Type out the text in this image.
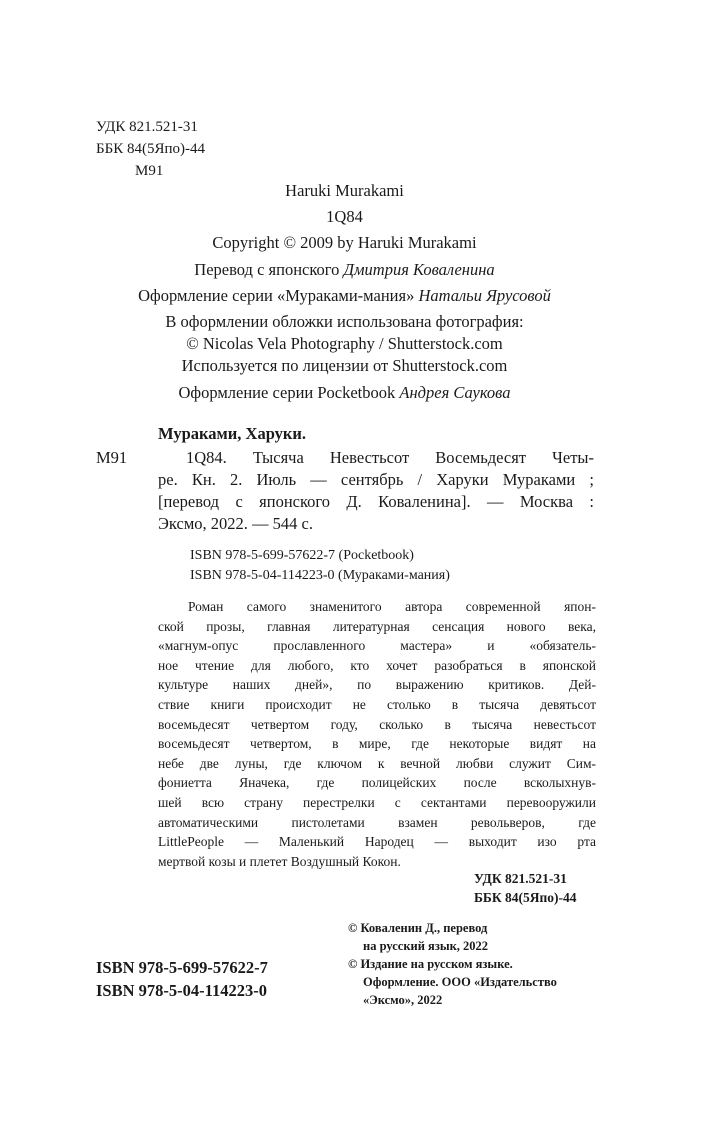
УДК 821.521-31
ББК 84(5Япо)-44
М91
Haruki Murakami
1Q84
Copyright © 2009 by Haruki Murakami
Перевод с японского Дмитрия Коваленина
Оформление серии «Мураками-мания» Натальи Ярусовой
В оформлении обложки использована фотография:
© Nicolas Vela Photography / Shutterstock.com
Используется по лицензии от Shutterstock.com
Оформление серии Pocketbook Андрея Саукова
Мураками, Харуки.
М91	1Q84. Тысяча Невестьсот Восемьдесят Четы-
ре. Кн. 2. Июль — сентябрь / Харуки Мураками ;
[перевод с японского Д. Коваленина]. — Москва :
Эксмо, 2022. — 544 с.
ISBN 978-5-699-57622-7 (Pocketbook)
ISBN 978-5-04-114223-0 (Мураками-мания)
Роман самого знаменитого автора современной япон-
ской прозы, главная литературная сенсация нового века,
«магнум-опус прославленного мастера» и «обязатель-
ное чтение для любого, кто хочет разобраться в японской
культуре наших дней», по выражению критиков. Дей-
ствие книги происходит не столько в тысяча девятьсот
восемьдесят четвертом году, сколько в тысяча невестьсот
восемьдесят четвертом, в мире, где некоторые видят на
небе две луны, где ключом к вечной любви служит Сим-
фониетта Яначека, где полицейских после всколыхнув-
шей всю страну перестрелки с сектантами перевооружили
автоматическими пистолетами взамен револьверов, где
LittlePeople — Маленький Народец — выходит изо рта
мертвой козы и плетет Воздушный Кокон.
УДК 821.521-31
ББК 84(5Япо)-44
ISBN 978-5-699-57622-7
ISBN 978-5-04-114223-0
© Коваленин Д., перевод
на русский язык, 2022
© Издание на русском языке.
Оформление. ООО «Издательство
«Эксмо», 2022
